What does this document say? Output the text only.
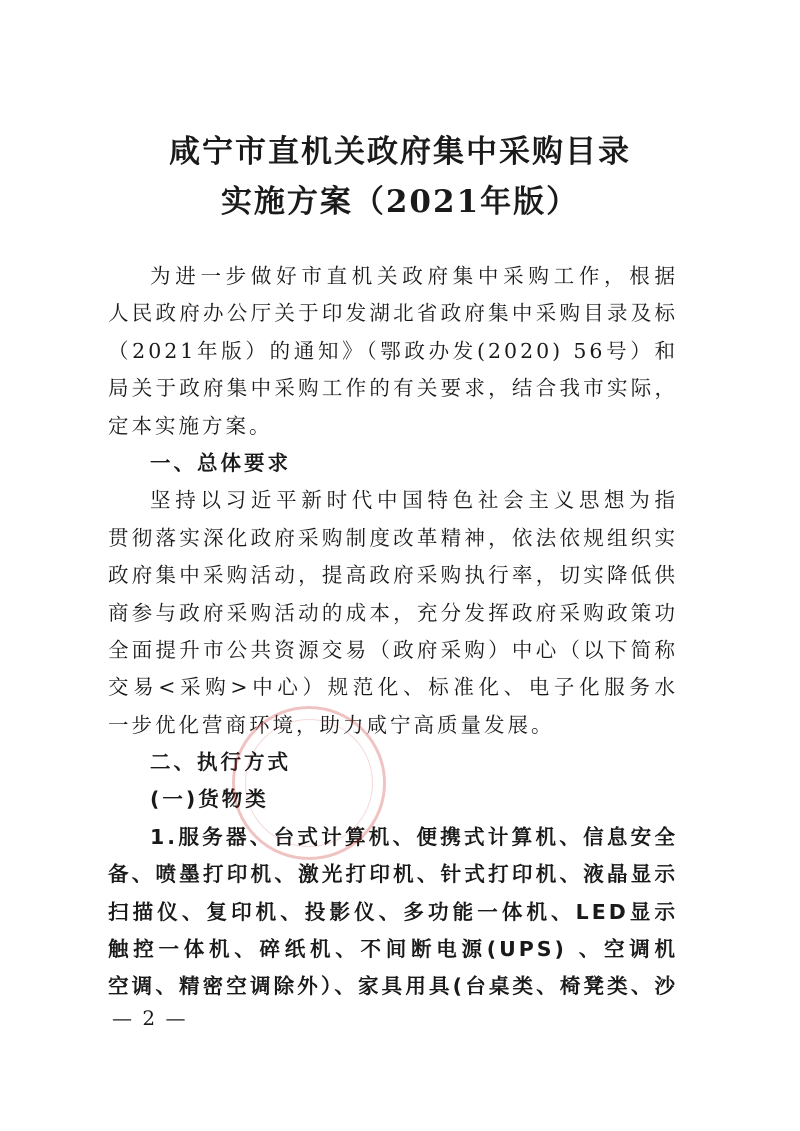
咸宁市直机关政府集中采购目录
实施方案（2021年版）
为进一步做好市直机关政府集中采购工作，根据
人民政府办公厅关于印发湖北省政府集中采购目录及标
（2021年版）的通知》（鄂政办发(2020) 56号）和
局关于政府集中采购工作的有关要求，结合我市实际，
定本实施方案。
一、总体要求
坚持以习近平新时代中国特色社会主义思想为指
贯彻落实深化政府采购制度改革精神，依法依规组织实
政府集中采购活动，提高政府采购执行率，切实降低供
商参与政府采购活动的成本，充分发挥政府采购政策功
全面提升市公共资源交易（政府采购）中心（以下简称
交易<采购>中心）规范化、标准化、电子化服务水
一步优化营商环境，助力咸宁高质量发展。
二、执行方式
(一)货物类
1.服务器、台式计算机、便携式计算机、信息安全
备、喷墨打印机、激光打印机、针式打印机、液晶显示
扫描仪、复印机、投影仪、多功能一体机、LED显示
触控一体机、碎纸机、不间断电源(UPS) 、空调机
空调、精密空调除外）、家具用具(台桌类、椅凳类、沙
— 2 —
